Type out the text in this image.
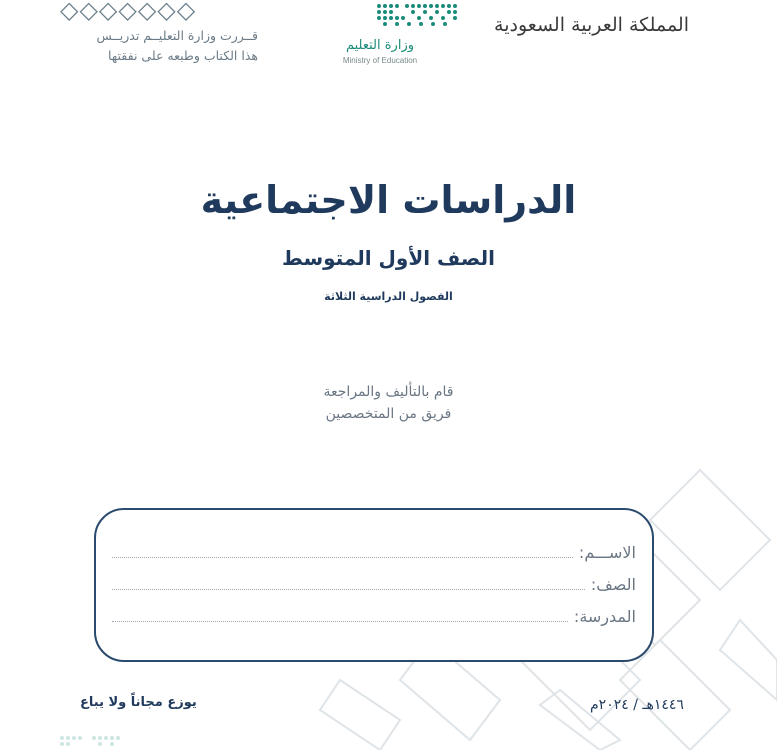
المملكة العربية السعودية
وزارة التعليم
Ministry of Education
◇◇◇◇◇◇◇
قــررت وزارة التعليــم تدريــس
هذا الكتاب وطبعه على نفقتها
الدراسات الاجتماعية
الصف الأول المتوسط
الفصول الدراسية الثلاثة
قام بالتأليف والمراجعة
فريق من المتخصصين
الاســـم:
الصف:
المدرسة:
يوزع مجاناً ولا يباع	١٤٤٦هـ / ٢٠٢٤م
